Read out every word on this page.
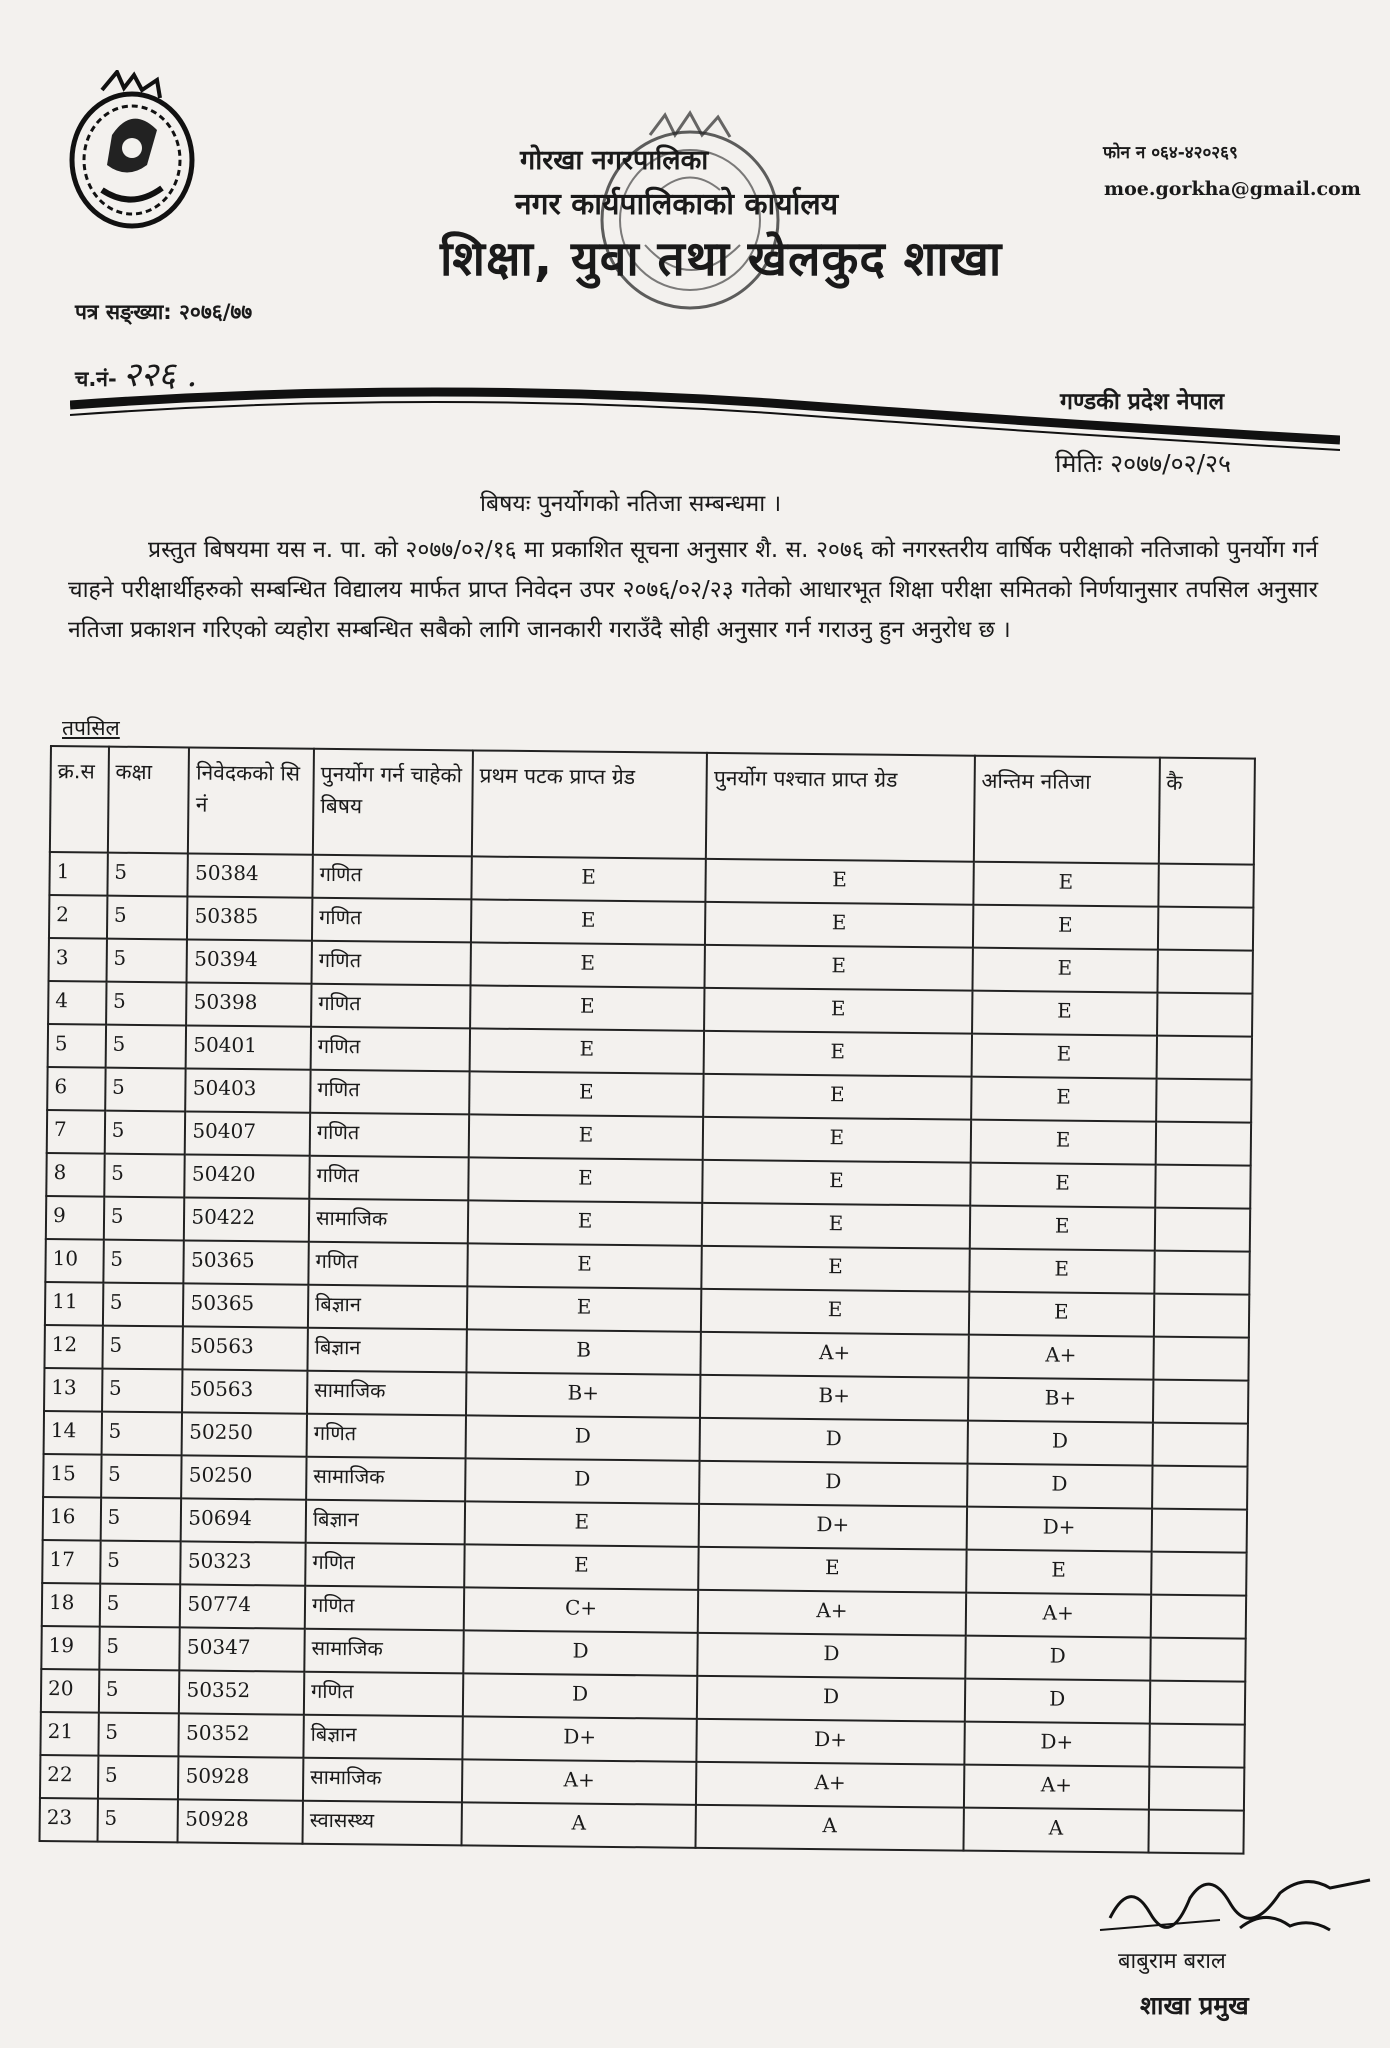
गोरखा नगरपालिका
नगर कार्यपालिकाको कार्यालय
शिक्षा, युवा तथा खेलकुद शाखा
फोन न ०६४-४२०२६९
moe.gorkha@gmail.com
पत्र सङ्ख्या: २०७६/७७
च.नं- २२६ .
गण्डकी प्रदेश नेपाल
मितिः २०७७/०२/२५
बिषयः पुनर्योगको नतिजा सम्बन्धमा ।
प्रस्तुत बिषयमा यस न. पा. को २०७७/०२/१६ मा प्रकाशित सूचना अनुसार शै. स. २०७६ को नगरस्तरीय वार्षिक परीक्षाको नतिजाको पुनर्योग गर्न चाहने परीक्षार्थीहरुको सम्बन्धित विद्यालय मार्फत प्राप्त निवेदन उपर २०७६/०२/२३ गतेको आधारभूत शिक्षा परीक्षा समितको निर्णयानुसार तपसिल अनुसार नतिजा प्रकाशन गरिएको व्यहोरा सम्बन्धित सबैको लागि जानकारी गराउँदै सोही अनुसार गर्न गराउनु हुन अनुरोध छ ।
तपसिल
क्र.स	कक्षा	निवेदकको सि नं	पुनर्योग गर्न चाहेको बिषय	प्रथम पटक प्राप्त ग्रेड	पुनर्योग पश्चात प्राप्त ग्रेड	अन्तिम नतिजा	कै
1	5	50384	गणित	E	E	E	
2	5	50385	गणित	E	E	E	
3	5	50394	गणित	E	E	E	
4	5	50398	गणित	E	E	E	
5	5	50401	गणित	E	E	E	
6	5	50403	गणित	E	E	E	
7	5	50407	गणित	E	E	E	
8	5	50420	गणित	E	E	E	
9	5	50422	सामाजिक	E	E	E	
10	5	50365	गणित	E	E	E	
11	5	50365	बिज्ञान	E	E	E	
12	5	50563	बिज्ञान	B	A+	A+	
13	5	50563	सामाजिक	B+	B+	B+	
14	5	50250	गणित	D	D	D	
15	5	50250	सामाजिक	D	D	D	
16	5	50694	बिज्ञान	E	D+	D+	
17	5	50323	गणित	E	E	E	
18	5	50774	गणित	C+	A+	A+	
19	5	50347	सामाजिक	D	D	D	
20	5	50352	गणित	D	D	D	
21	5	50352	बिज्ञान	D+	D+	D+	
22	5	50928	सामाजिक	A+	A+	A+	
23	5	50928	स्वासस्थ्य	A	A	A	
बाबुराम बराल
शाखा प्रमुख
